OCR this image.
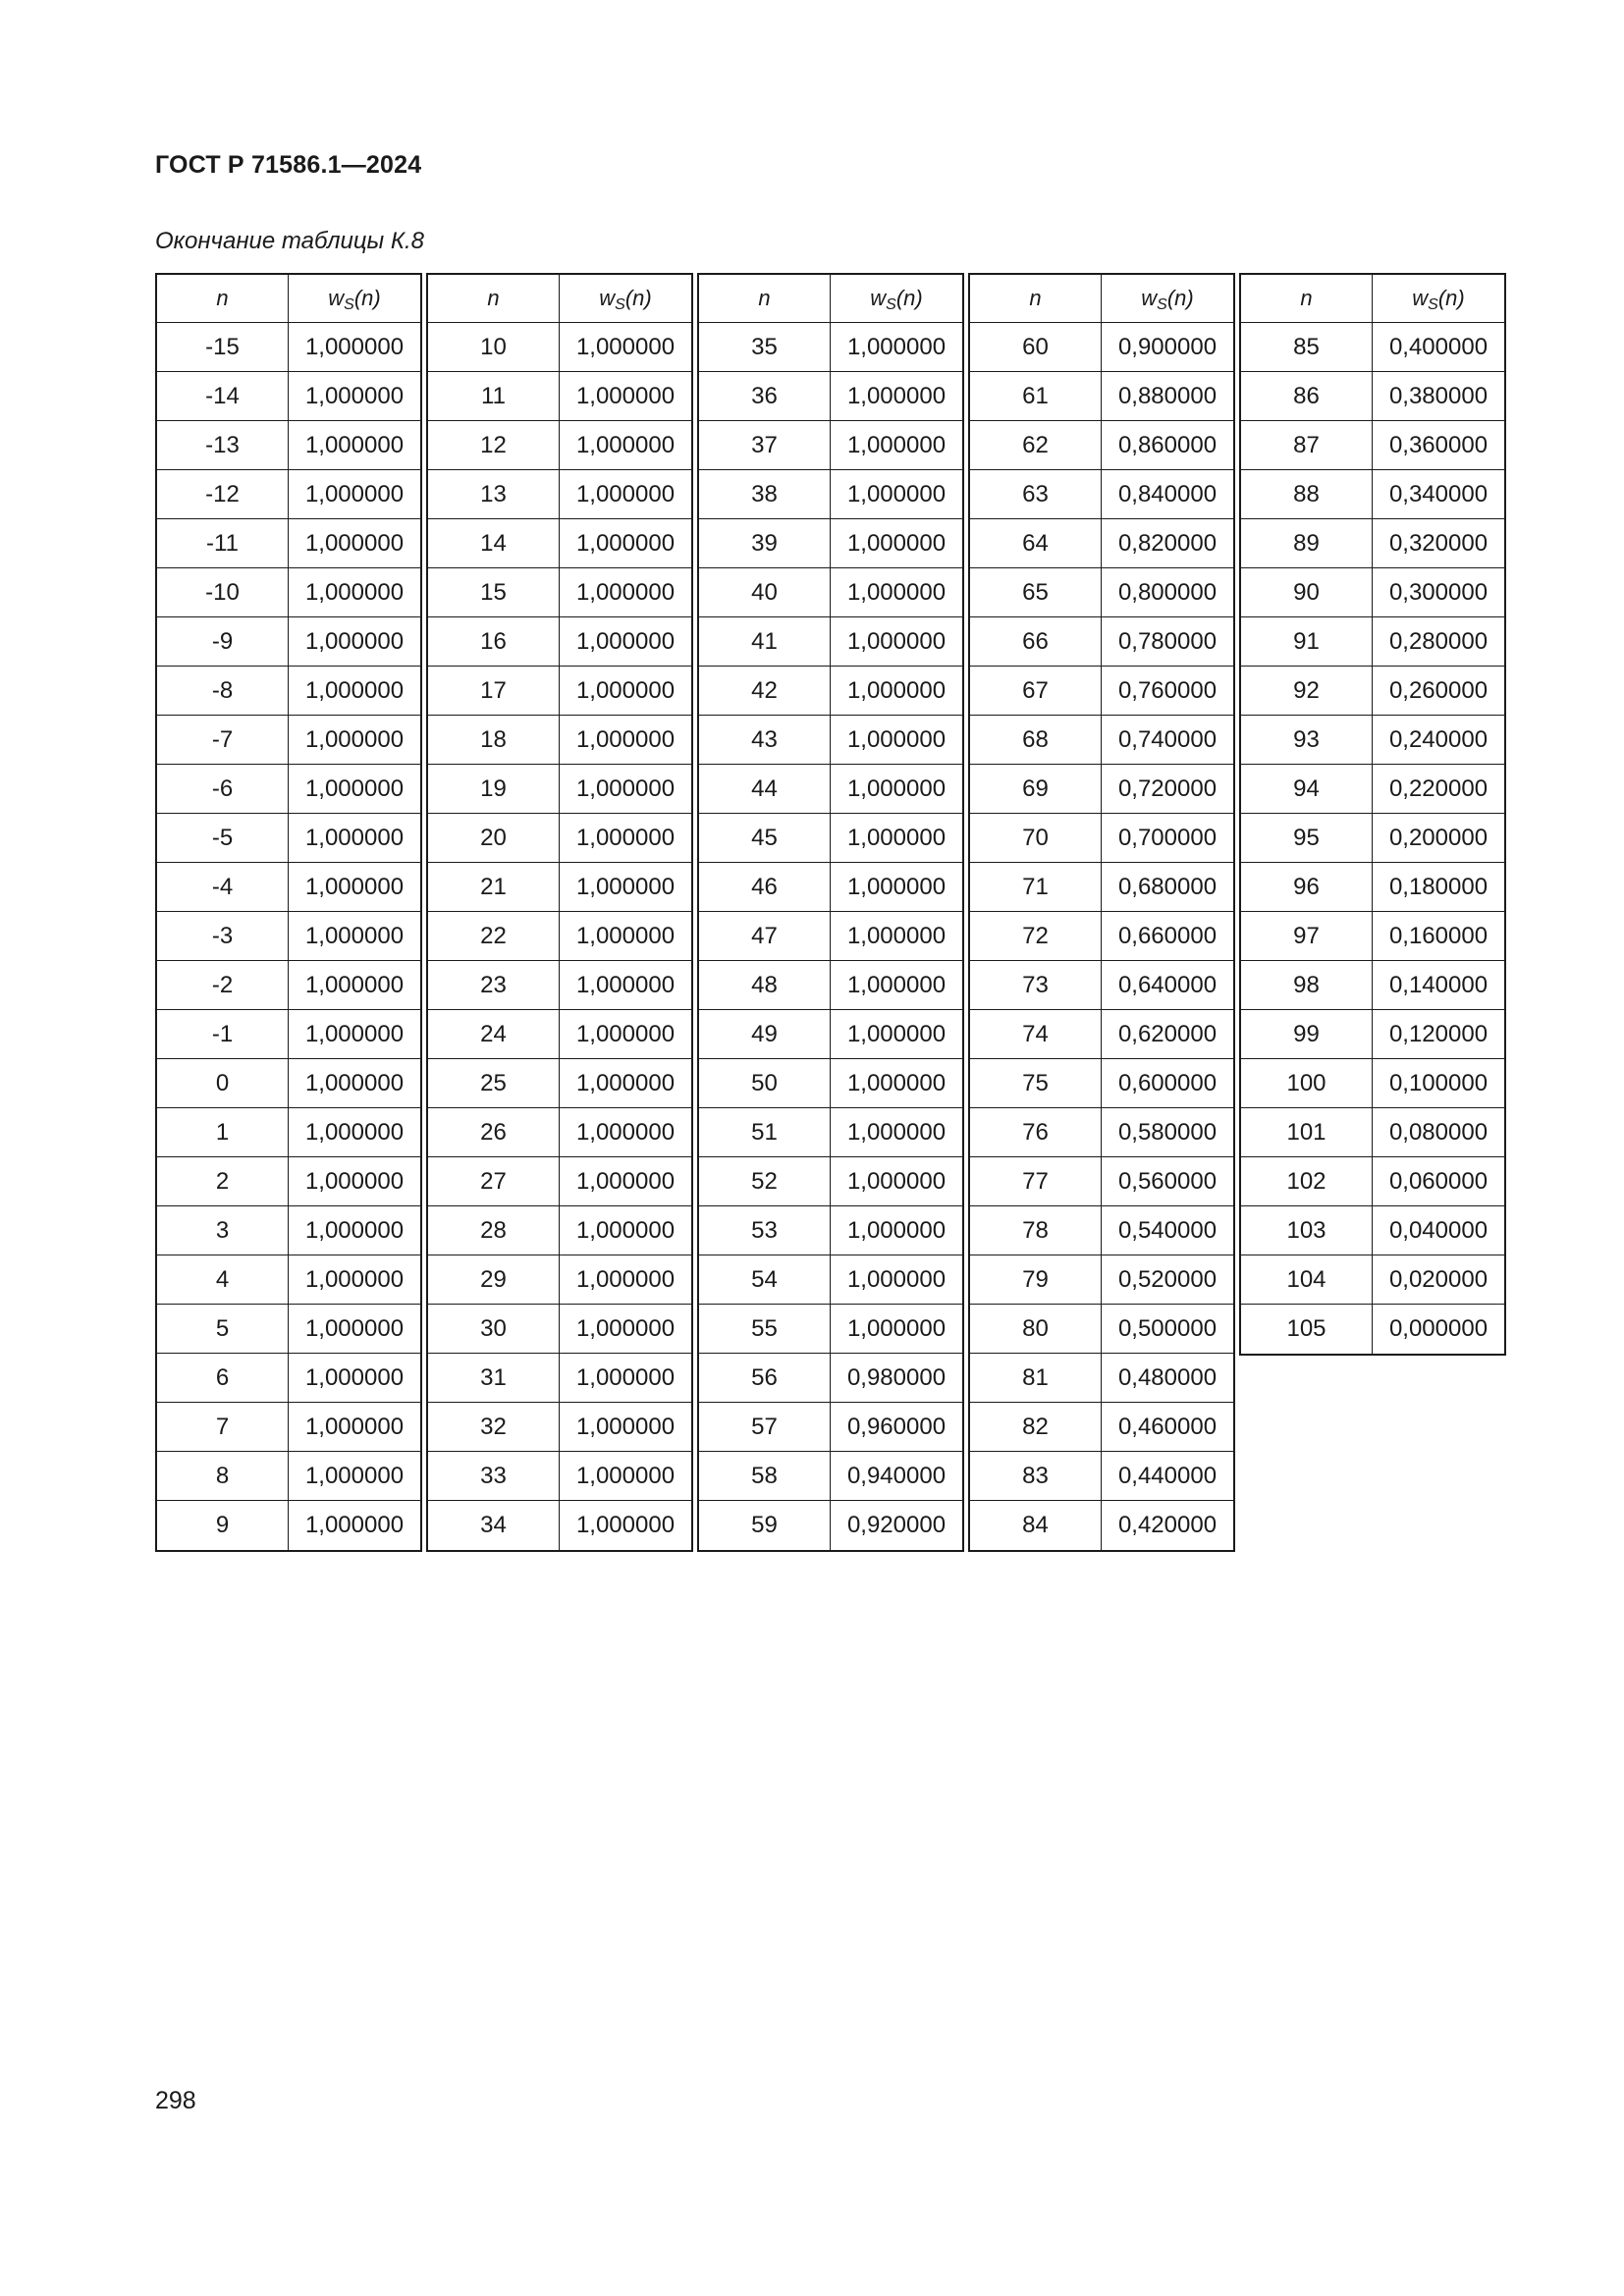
ГОСТ Р 71586.1—2024
Окончание таблицы К.8
n	$w_S$ (n)
-15	1,000000
-14	1,000000
-13	1,000000
-12	1,000000
-11	1,000000
-10	1,000000
-9	1,000000
-8	1,000000
-7	1,000000
-6	1,000000
-5	1,000000
-4	1,000000
-3	1,000000
-2	1,000000
-1	1,000000
0	1,000000
1	1,000000
2	1,000000
3	1,000000
4	1,000000
5	1,000000
6	1,000000
7	1,000000
8	1,000000
9	1,000000
n	$w_S$ (n)
10	1,000000
11	1,000000
12	1,000000
13	1,000000
14	1,000000
15	1,000000
16	1,000000
17	1,000000
18	1,000000
19	1,000000
20	1,000000
21	1,000000
22	1,000000
23	1,000000
24	1,000000
25	1,000000
26	1,000000
27	1,000000
28	1,000000
29	1,000000
30	1,000000
31	1,000000
32	1,000000
33	1,000000
34	1,000000
n	$w_S$ (n)
35	1,000000
36	1,000000
37	1,000000
38	1,000000
39	1,000000
40	1,000000
41	1,000000
42	1,000000
43	1,000000
44	1,000000
45	1,000000
46	1,000000
47	1,000000
48	1,000000
49	1,000000
50	1,000000
51	1,000000
52	1,000000
53	1,000000
54	1,000000
55	1,000000
56	0,980000
57	0,960000
58	0,940000
59	0,920000
n	$w_S$ (n)
60	0,900000
61	0,880000
62	0,860000
63	0,840000
64	0,820000
65	0,800000
66	0,780000
67	0,760000
68	0,740000
69	0,720000
70	0,700000
71	0,680000
72	0,660000
73	0,640000
74	0,620000
75	0,600000
76	0,580000
77	0,560000
78	0,540000
79	0,520000
80	0,500000
81	0,480000
82	0,460000
83	0,440000
84	0,420000
n	$w_S$ (n)
85	0,400000
86	0,380000
87	0,360000
88	0,340000
89	0,320000
90	0,300000
91	0,280000
92	0,260000
93	0,240000
94	0,220000
95	0,200000
96	0,180000
97	0,160000
98	0,140000
99	0,120000
100	0,100000
101	0,080000
102	0,060000
103	0,040000
104	0,020000
105	0,000000
298
